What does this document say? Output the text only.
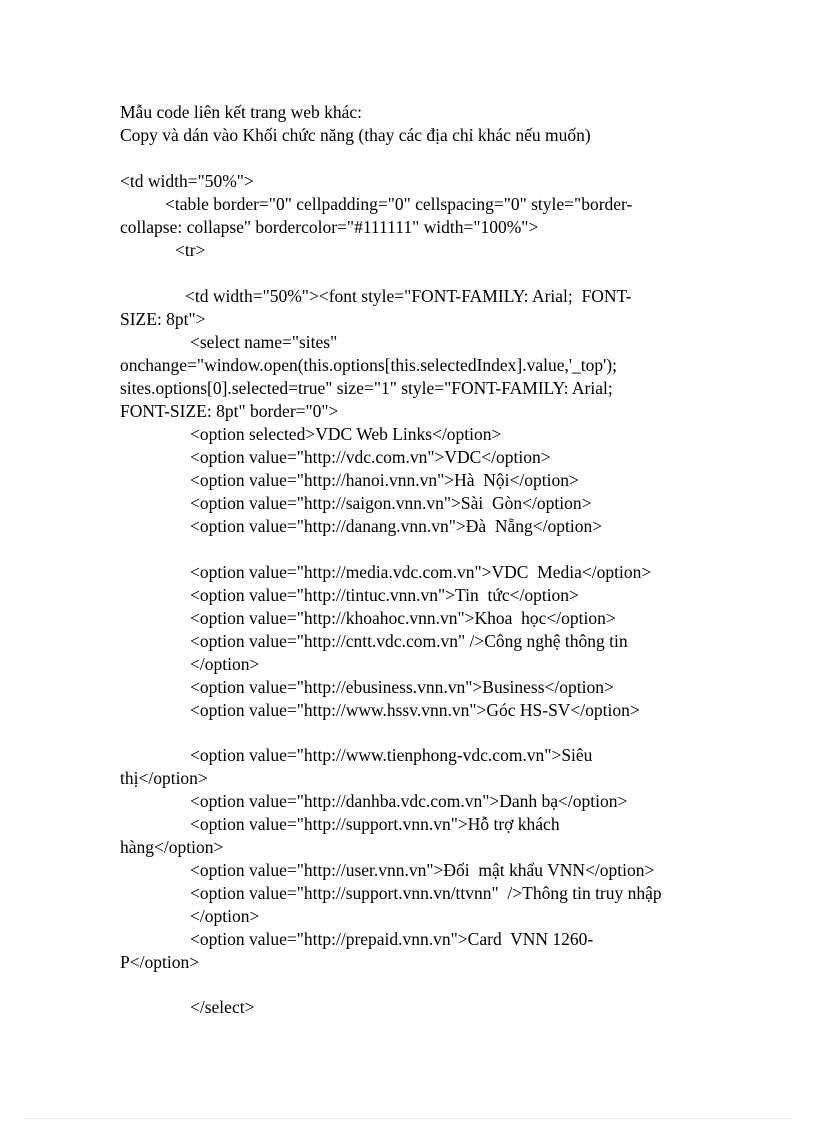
Mẫu code liên kết trang web khác:
Copy và dán vào Khối chức năng (thay các địa chỉ khác nếu muốn)
<td width="50%">
<table border="0" cellpadding="0" cellspacing="0" style="border-
collapse: collapse" bordercolor="#111111" width="100%">
<tr>
<td width="50%"><font style="FONT-FAMILY: Arial;  FONT-
SIZE: 8pt">
<select name="sites"
onchange="window.open(this.options[this.selectedIndex].value,'_top');
sites.options[0].selected=true" size="1" style="FONT-FAMILY: Arial;
FONT-SIZE: 8pt" border="0">
<option selected>VDC Web Links</option>
<option value="http://vdc.com.vn">VDC</option>
<option value="http://hanoi.vnn.vn">Hà  Nội</option>
<option value="http://saigon.vnn.vn">Sài  Gòn</option>
<option value="http://danang.vnn.vn">Đà  Nẵng</option>
<option value="http://media.vdc.com.vn">VDC  Media</option>
<option value="http://tintuc.vnn.vn">Tin  tức</option>
<option value="http://khoahoc.vnn.vn">Khoa  học</option>
<option value="http://cntt.vdc.com.vn" />Công nghệ thông tin
</option>
<option value="http://ebusiness.vnn.vn">Business</option>
<option value="http://www.hssv.vnn.vn">Góc HS-SV</option>
<option value="http://www.tienphong-vdc.com.vn">Siêu
thị</option>
<option value="http://danhba.vdc.com.vn">Danh bạ</option>
<option value="http://support.vnn.vn">Hỗ trợ khách
hàng</option>
<option value="http://user.vnn.vn">Đổi  mật khẩu VNN</option>
<option value="http://support.vnn.vn/ttvnn"  />Thông tin truy nhập
</option>
<option value="http://prepaid.vnn.vn">Card  VNN 1260-
P</option>
</select>
